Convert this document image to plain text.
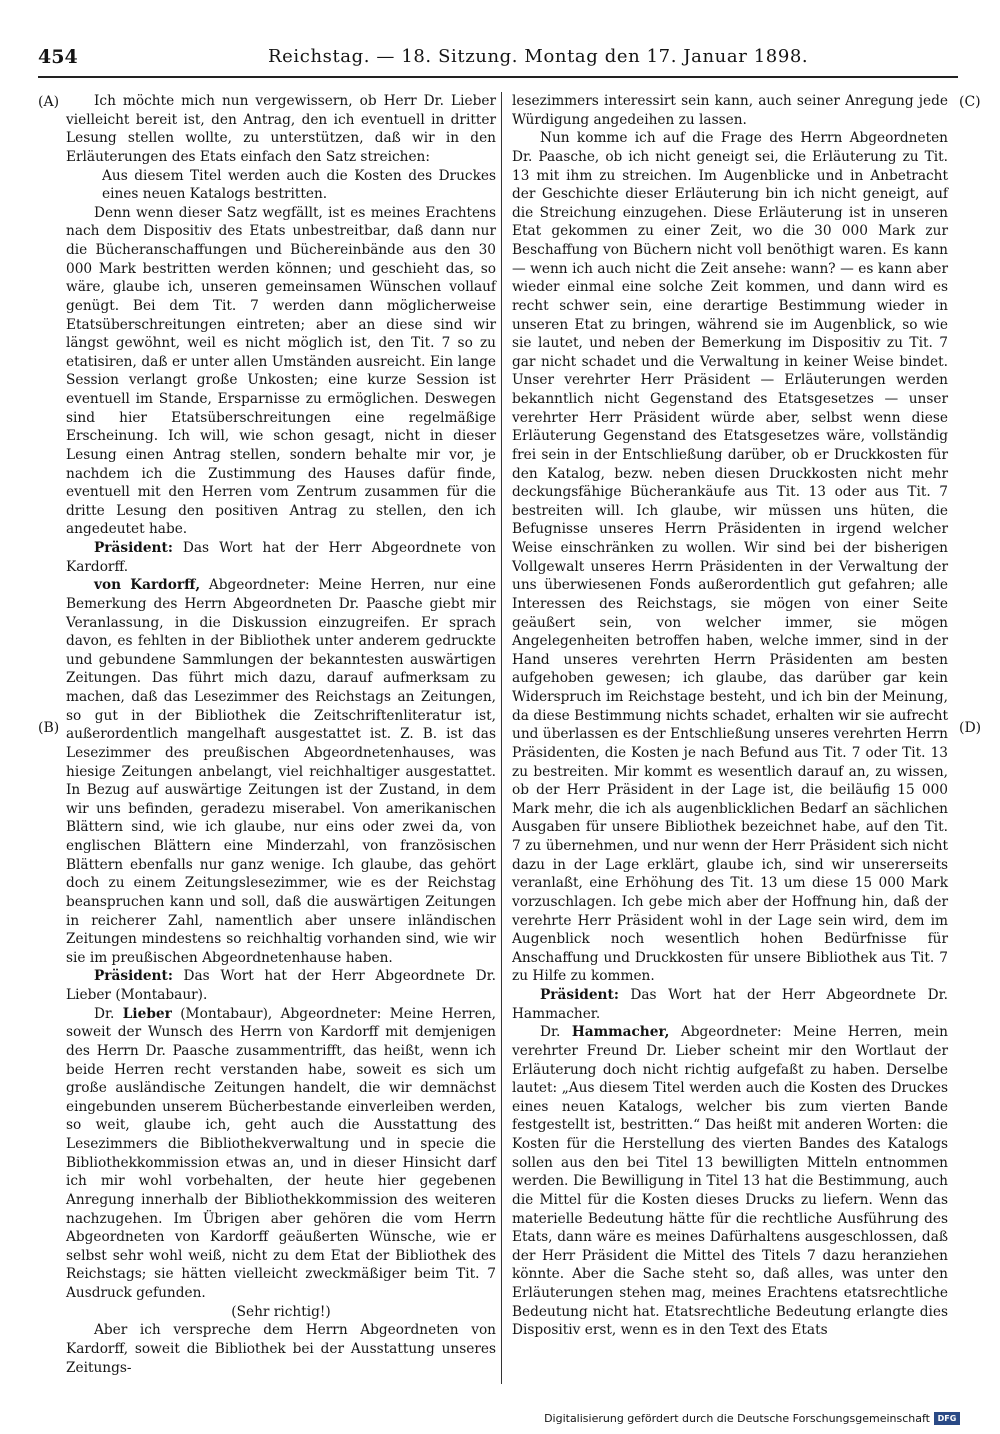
454	Reichstag. — 18. Sitzung. Montag den 17. Januar 1898.
(A)
(B)
(C)
(D)

Ich möchte mich nun vergewissern, ob Herr Dr. Lieber vielleicht bereit ist, den Antrag, den ich eventuell in dritter Lesung stellen wollte, zu unterstützen, daß wir in den Erläuterungen des Etats einfach den Satz streichen:

Aus diesem Titel werden auch die Kosten des Druckes eines neuen Katalogs bestritten.

Denn wenn dieser Satz wegfällt, ist es meines Erachtens nach dem Dispositiv des Etats unbestreitbar, daß dann nur die Bücheranschaffungen und Büchereinbände aus den 30 000 Mark bestritten werden können; und geschieht das, so wäre, glaube ich, unseren gemeinsamen Wünschen vollauf genügt. Bei dem Tit. 7 werden dann möglicherweise Etatsüberschreitungen eintreten; aber an diese sind wir längst gewöhnt, weil es nicht möglich ist, den Tit. 7 so zu etatisiren, daß er unter allen Umständen ausreicht. Ein lange Session verlangt große Unkosten; eine kurze Session ist eventuell im Stande, Ersparnisse zu ermöglichen. Deswegen sind hier Etatsüberschreitungen eine regelmäßige Erscheinung. Ich will, wie schon gesagt, nicht in dieser Lesung einen Antrag stellen, sondern behalte mir vor, je nachdem ich die Zustimmung des Hauses dafür finde, eventuell mit den Herren vom Zentrum zusammen für die dritte Lesung den positiven Antrag zu stellen, den ich angedeutet habe.

Präsident: Das Wort hat der Herr Abgeordnete von Kardorff.

von Kardorff, Abgeordneter: Meine Herren, nur eine Bemerkung des Herrn Abgeordneten Dr. Paasche giebt mir Veranlassung, in die Diskussion einzugreifen. Er sprach davon, es fehlten in der Bibliothek unter anderem gedruckte und gebundene Sammlungen der bekanntesten auswärtigen Zeitungen. Das führt mich dazu, darauf aufmerksam zu machen, daß das Lesezimmer des Reichstags an Zeitungen, so gut in der Bibliothek die Zeitschriftenliteratur ist, außerordentlich mangelhaft ausgestattet ist. Z. B. ist das Lesezimmer des preußischen Abgeordnetenhauses, was hiesige Zeitungen anbelangt, viel reichhaltiger ausgestattet. In Bezug auf auswärtige Zeitungen ist der Zustand, in dem wir uns befinden, geradezu miserabel. Von amerikanischen Blättern sind, wie ich glaube, nur eins oder zwei da, von englischen Blättern eine Minderzahl, von französischen Blättern ebenfalls nur ganz wenige. Ich glaube, das gehört doch zu einem Zeitungslesezimmer, wie es der Reichstag beanspruchen kann und soll, daß die auswärtigen Zeitungen in reicherer Zahl, namentlich aber unsere inländischen Zeitungen mindestens so reichhaltig vorhanden sind, wie wir sie im preußischen Abgeordnetenhause haben.

Präsident: Das Wort hat der Herr Abgeordnete Dr. Lieber (Montabaur).

Dr. Lieber (Montabaur), Abgeordneter: Meine Herren, soweit der Wunsch des Herrn von Kardorff mit demjenigen des Herrn Dr. Paasche zusammentrifft, das heißt, wenn ich beide Herren recht verstanden habe, soweit es sich um große ausländische Zeitungen handelt, die wir demnächst eingebunden unserem Bücherbestande einverleiben werden, so weit, glaube ich, geht auch die Ausstattung des Lesezimmers die Bibliothekverwaltung und in specie die Bibliothekkommission etwas an, und in dieser Hinsicht darf ich mir wohl vorbehalten, der heute hier gegebenen Anregung innerhalb der Bibliothekkommission des weiteren nachzugehen. Im Übrigen aber gehören die vom Herrn Abgeordneten von Kardorff geäußerten Wünsche, wie er selbst sehr wohl weiß, nicht zu dem Etat der Bibliothek des Reichstags; sie hätten vielleicht zweckmäßiger beim Tit. 7 Ausdruck gefunden.

(Sehr richtig!)

Aber ich verspreche dem Herrn Abgeordneten von Kardorff, soweit die Bibliothek bei der Ausstattung unseres Zeitungs-

lesezimmers interessirt sein kann, auch seiner Anregung jede Würdigung angedeihen zu lassen.

Nun komme ich auf die Frage des Herrn Abgeordneten Dr. Paasche, ob ich nicht geneigt sei, die Erläuterung zu Tit. 13 mit ihm zu streichen. Im Augenblicke und in Anbetracht der Geschichte dieser Erläuterung bin ich nicht geneigt, auf die Streichung einzugehen. Diese Erläuterung ist in unseren Etat gekommen zu einer Zeit, wo die 30 000 Mark zur Beschaffung von Büchern nicht voll benöthigt waren. Es kann — wenn ich auch nicht die Zeit ansehe: wann? — es kann aber wieder einmal eine solche Zeit kommen, und dann wird es recht schwer sein, eine derartige Bestimmung wieder in unseren Etat zu bringen, während sie im Augenblick, so wie sie lautet, und neben der Bemerkung im Dispositiv zu Tit. 7 gar nicht schadet und die Verwaltung in keiner Weise bindet. Unser verehrter Herr Präsident — Erläuterungen werden bekanntlich nicht Gegenstand des Etatsgesetzes — unser verehrter Herr Präsident würde aber, selbst wenn diese Erläuterung Gegenstand des Etatsgesetzes wäre, vollständig frei sein in der Entschließung darüber, ob er Druckkosten für den Katalog, bezw. neben diesen Druckkosten nicht mehr deckungsfähige Bücherankäufe aus Tit. 13 oder aus Tit. 7 bestreiten will. Ich glaube, wir müssen uns hüten, die Befugnisse unseres Herrn Präsidenten in irgend welcher Weise einschränken zu wollen. Wir sind bei der bisherigen Vollgewalt unseres Herrn Präsidenten in der Verwaltung der uns überwiesenen Fonds außerordentlich gut gefahren; alle Interessen des Reichstags, sie mögen von einer Seite geäußert sein, von welcher immer, sie mögen Angelegenheiten betroffen haben, welche immer, sind in der Hand unseres verehrten Herrn Präsidenten am besten aufgehoben gewesen; ich glaube, das darüber gar kein Widerspruch im Reichstage besteht, und ich bin der Meinung, da diese Bestimmung nichts schadet, erhalten wir sie aufrecht und überlassen es der Entschließung unseres verehrten Herrn Präsidenten, die Kosten je nach Befund aus Tit. 7 oder Tit. 13 zu bestreiten. Mir kommt es wesentlich darauf an, zu wissen, ob der Herr Präsident in der Lage ist, die beiläufig 15 000 Mark mehr, die ich als augenblicklichen Bedarf an sächlichen Ausgaben für unsere Bibliothek bezeichnet habe, auf den Tit. 7 zu übernehmen, und nur wenn der Herr Präsident sich nicht dazu in der Lage erklärt, glaube ich, sind wir unsererseits veranlaßt, eine Erhöhung des Tit. 13 um diese 15 000 Mark vorzuschlagen. Ich gebe mich aber der Hoffnung hin, daß der verehrte Herr Präsident wohl in der Lage sein wird, dem im Augenblick noch wesentlich hohen Bedürfnisse für Anschaffung und Druckkosten für unsere Bibliothek aus Tit. 7 zu Hilfe zu kommen.

Präsident: Das Wort hat der Herr Abgeordnete Dr. Hammacher.

Dr. Hammacher, Abgeordneter: Meine Herren, mein verehrter Freund Dr. Lieber scheint mir den Wortlaut der Erläuterung doch nicht richtig aufgefaßt zu haben. Derselbe lautet: „Aus diesem Titel werden auch die Kosten des Druckes eines neuen Katalogs, welcher bis zum vierten Bande festgestellt ist, bestritten.“ Das heißt mit anderen Worten: die Kosten für die Herstellung des vierten Bandes des Katalogs sollen aus den bei Titel 13 bewilligten Mitteln entnommen werden. Die Bewilligung in Titel 13 hat die Bestimmung, auch die Mittel für die Kosten dieses Drucks zu liefern. Wenn das materielle Bedeutung hätte für die rechtliche Ausführung des Etats, dann wäre es meines Dafürhaltens ausgeschlossen, daß der Herr Präsident die Mittel des Titels 7 dazu heranziehen könnte. Aber die Sache steht so, daß alles, was unter den Erläuterungen stehen mag, meines Erachtens etatsrechtliche Bedeutung nicht hat. Etatsrechtliche Bedeutung erlangte dies Dispositiv erst, wenn es in den Text des Etats

Digitalisierung gefördert durch die Deutsche Forschungsgemeinschaft DFG
